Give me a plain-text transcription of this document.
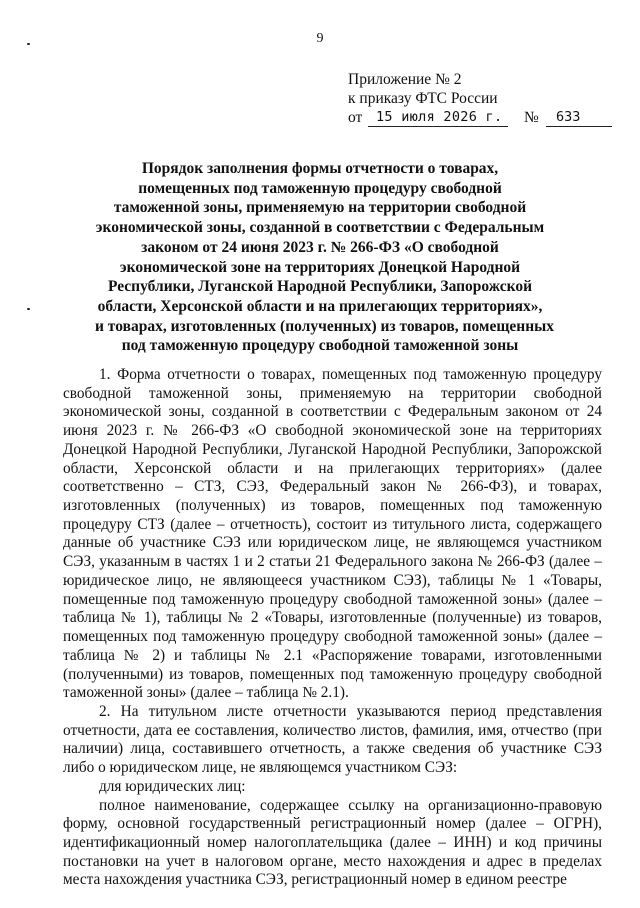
9
Приложение № 2
к приказу ФТС России
от	15 июля 2026 г.	№	633
Порядок заполнения формы отчетности о товарах,
помещенных под таможенную процедуру свободной
таможенной зоны, применяемую на территории свободной
экономической зоны, созданной в соответствии с Федеральным
законом от 24 июня 2023 г. № 266-ФЗ «О свободной
экономической зоне на территориях Донецкой Народной
Республики, Луганской Народной Республики, Запорожской
области, Херсонской области и на прилегающих территориях»,
и товарах, изготовленных (полученных) из товаров, помещенных
под таможенную процедуру свободной таможенной зоны

1. Форма отчетности о товарах, помещенных под таможенную процедуру свободной таможенной зоны, применяемую на территории свободной экономической зоны, созданной в соответствии с Федеральным законом от 24 июня 2023 г. № 266-ФЗ «О свободной экономической зоне на территориях Донецкой Народной Республики, Луганской Народной Республики, Запорожской области, Херсонской области и на прилегающих территориях» (далее соответственно – СТЗ, СЭЗ, Федеральный закон № 266-ФЗ), и товарах, изготовленных (полученных) из товаров, помещенных под таможенную процедуру СТЗ (далее – отчетность), состоит из титульного листа, содержащего данные об участнике СЭЗ или юридическом лице, не являющемся участником СЭЗ, указанным в частях 1 и 2 статьи 21 Федерального закона № 266-ФЗ (далее – юридическое лицо, не являющееся участником СЭЗ), таблицы № 1 «Товары, помещенные под таможенную процедуру свободной таможенной зоны» (далее – таблица № 1), таблицы № 2 «Товары, изготовленные (полученные) из товаров, помещенных под таможенную процедуру свободной таможенной зоны» (далее – таблица № 2) и таблицы № 2.1 «Распоряжение товарами, изготовленными (полученными) из товаров, помещенных под таможенную процедуру свободной таможенной зоны» (далее – таблица № 2.1).

2. На титульном листе отчетности указываются период представления отчетности, дата ее составления, количество листов, фамилия, имя, отчество (при наличии) лица, составившего отчетность, а также сведения об участнике СЭЗ либо о юридическом лице, не являющемся участником СЭЗ:

для юридических лиц:

полное наименование, содержащее ссылку на организационно-правовую форму, основной государственный регистрационный номер (далее – ОГРН), идентификационный номер налогоплательщика (далее – ИНН) и код причины постановки на учет в налоговом органе, место нахождения и адрес в пределах места нахождения участника СЭЗ, регистрационный номер в едином реестре
